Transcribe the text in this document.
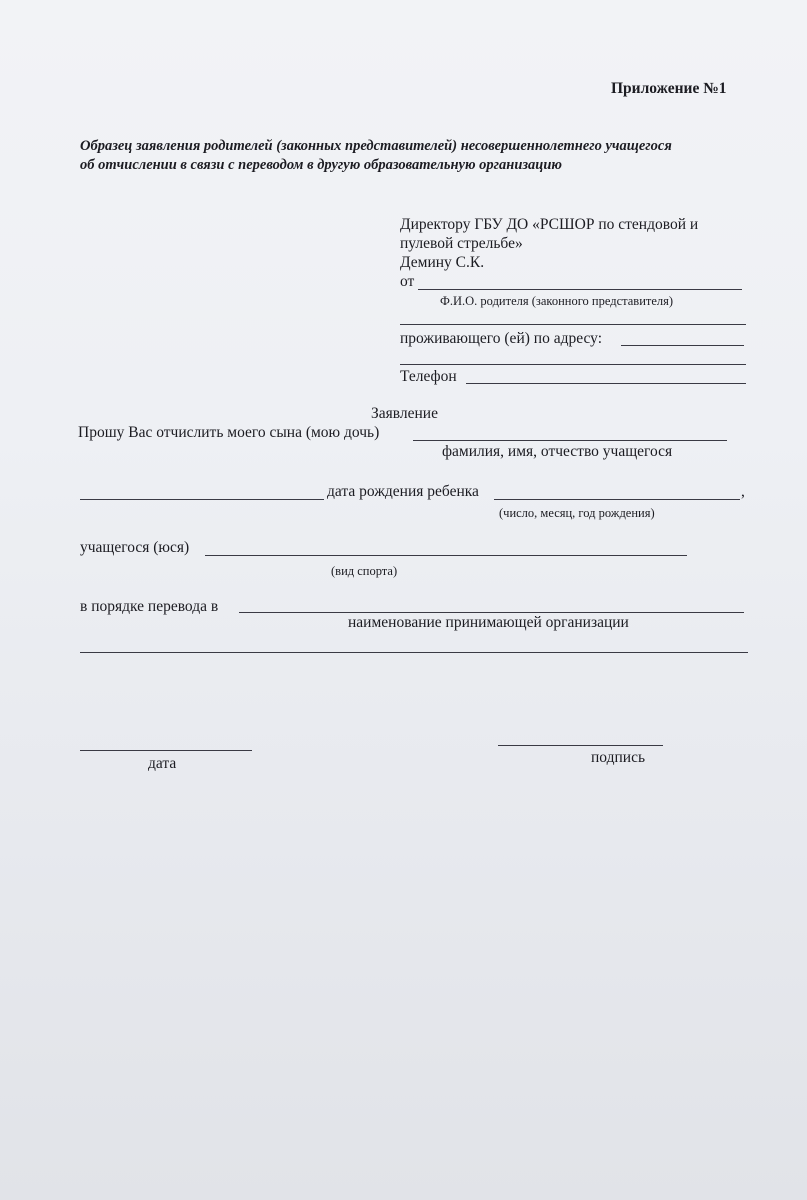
Приложение №1
Образец заявления родителей (законных представителей) несовершеннолетнего учащегося
об отчислении в связи с переводом в другую образовательную организацию
Директору ГБУ ДО «РСШОР по стендовой и
пулевой стрельбе»
Демину С.К.
от
Ф.И.О. родителя (законного представителя)
проживающего (ей) по адресу:
Телефон
Заявление
Прошу Вас отчислить моего сына (мою дочь)
фамилия, имя, отчество учащегося
дата рождения ребенка	,
(число, месяц, год рождения)
учащегося (юся)
(вид спорта)
в порядке перевода в
наименование принимающей организации
дата	подпись
